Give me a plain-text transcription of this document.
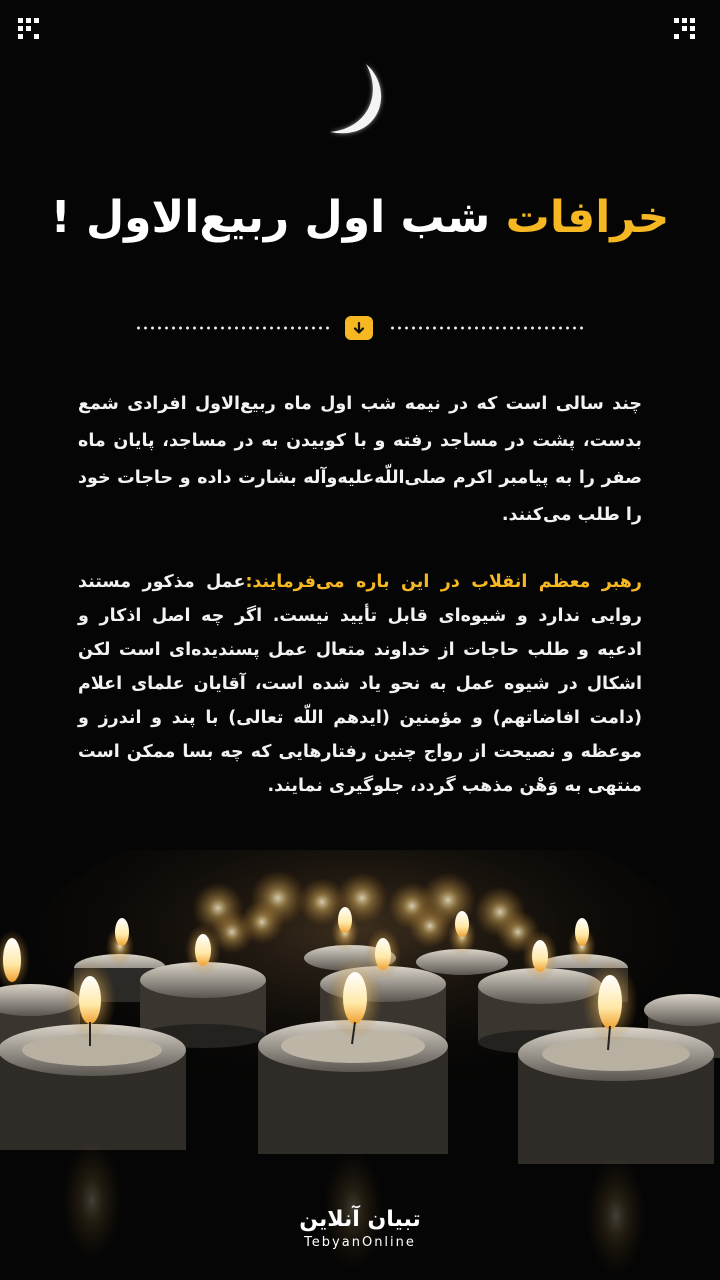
خرافات شب اول ربیع‌الاول !
چند سالی است که در نیمه شب اول ماه ربیع‌الاول افرادی شمع بدست، پشت در مساجد رفته و با کوبیدن به در مساجد، پایان ماه صفر را به پیامبر اکرم صلی‌اللّه‌علیه‌وآله بشارت داده و حاجات خود را طلب می‌کنند.
رهبر معظم انقلاب در این باره می‌فرمایند:عمل مذکور مستند روایی ندارد و شیوه‌ای قابل تأیید نیست. اگر چه اصل اذکار و ادعیه و طلب حاجات از خداوند متعال عمل پسندیده‌ای است لکن اشکال در شیوه عمل به نحو یاد شده است، آقایان علمای اعلام (دامت افاضاتهم) و مؤمنین (ایدهم اللّه تعالی) با پند و اندرز و موعظه و نصیحت از رواج چنین رفتارهایی که چه بسا ممکن است منتهی به وَهْن مذهب گردد، جلوگیری نمایند.
تبیان آنلاین
TebyanOnline
